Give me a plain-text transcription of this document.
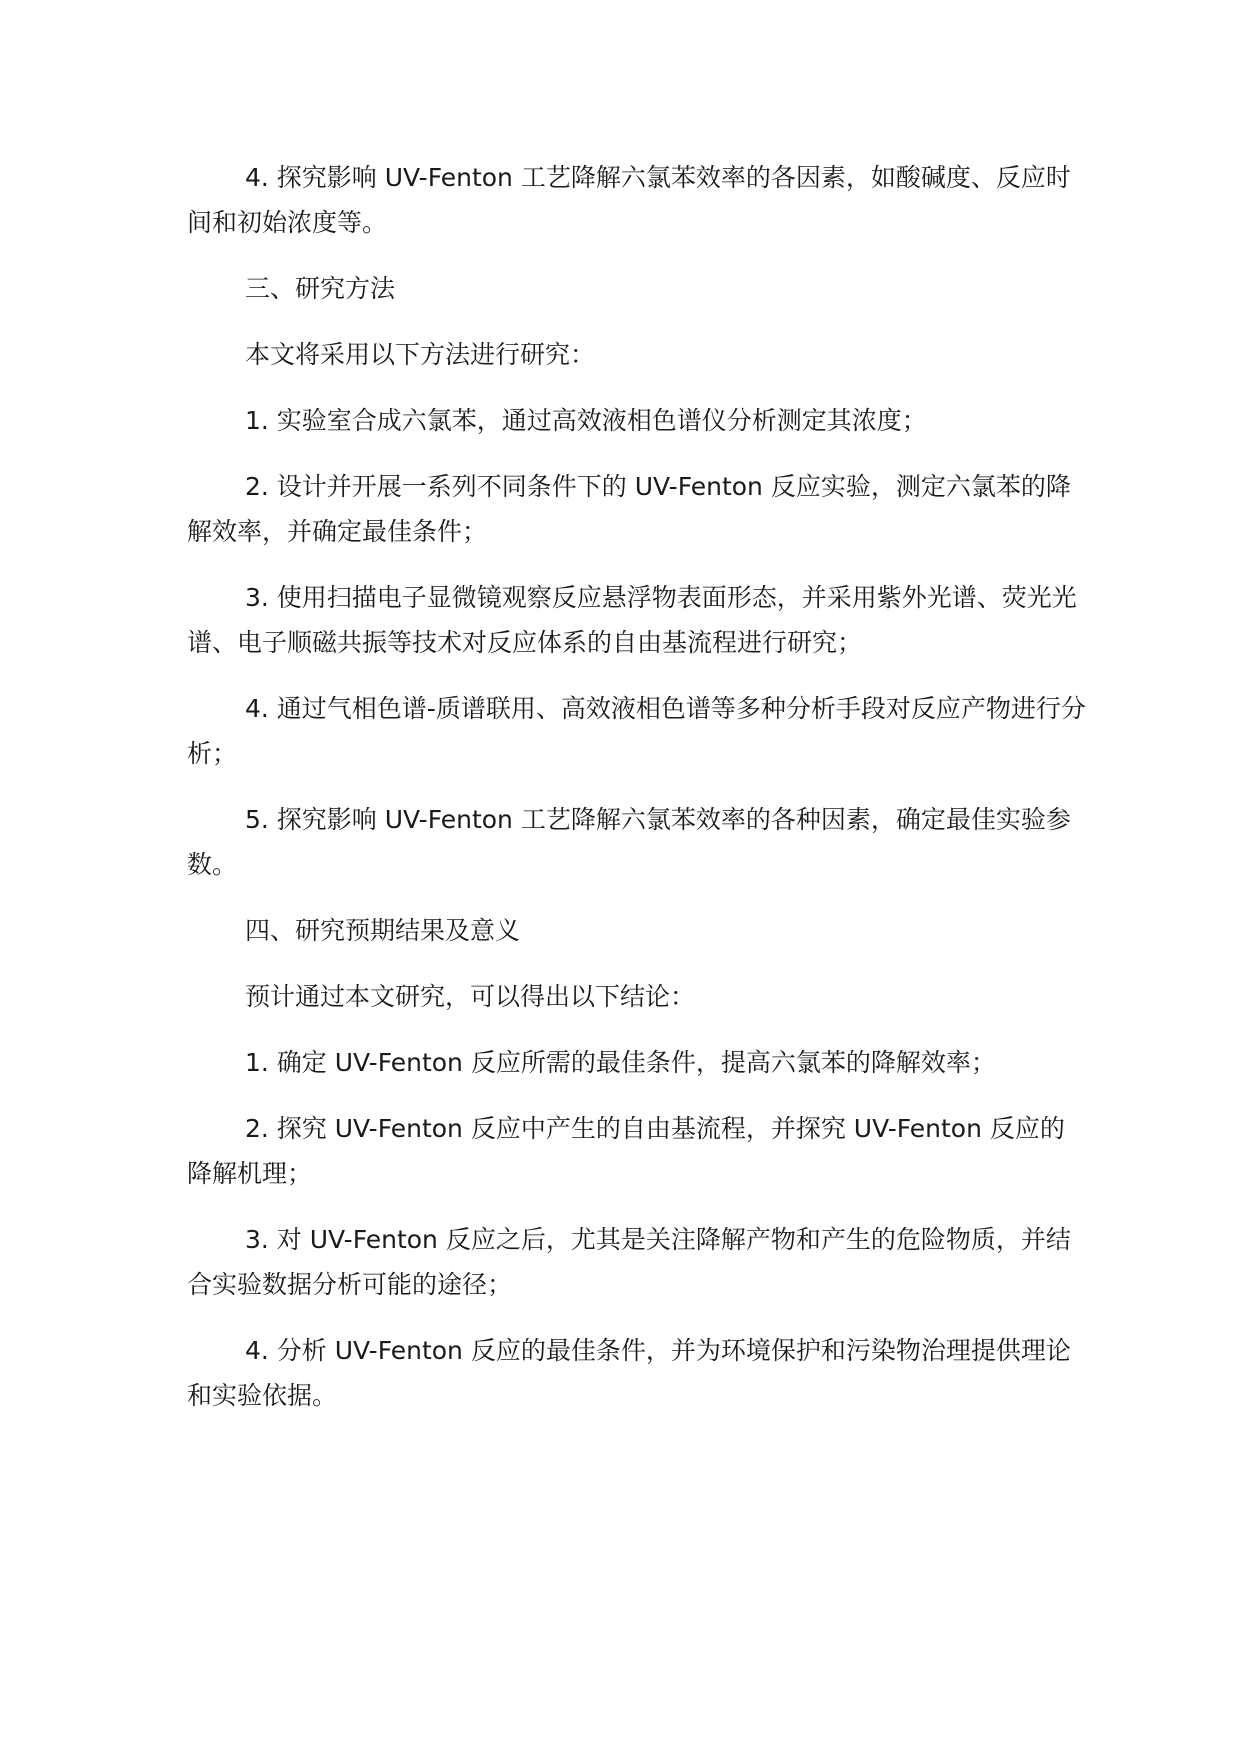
4. 探究影响 UV-Fenton 工艺降解六氯苯效率的各因素，如酸碱度、反应时间和初始浓度等。

三、研究方法

本文将采用以下方法进行研究：

1. 实验室合成六氯苯，通过高效液相色谱仪分析测定其浓度；

2. 设计并开展一系列不同条件下的 UV-Fenton 反应实验，测定六氯苯的降解效率，并确定最佳条件；

3. 使用扫描电子显微镜观察反应悬浮物表面形态，并采用紫外光谱、荧光光谱、电子顺磁共振等技术对反应体系的自由基流程进行研究；

4. 通过气相色谱-质谱联用、高效液相色谱等多种分析手段对反应产物进行分析；

5. 探究影响 UV-Fenton 工艺降解六氯苯效率的各种因素，确定最佳实验参数。

四、研究预期结果及意义

预计通过本文研究，可以得出以下结论：

1. 确定 UV-Fenton 反应所需的最佳条件，提高六氯苯的降解效率；

2. 探究 UV-Fenton 反应中产生的自由基流程，并探究 UV-Fenton 反应的降解机理；

3. 对 UV-Fenton 反应之后，尤其是关注降解产物和产生的危险物质，并结合实验数据分析可能的途径；

4. 分析 UV-Fenton 反应的最佳条件，并为环境保护和污染物治理提供理论和实验依据。
